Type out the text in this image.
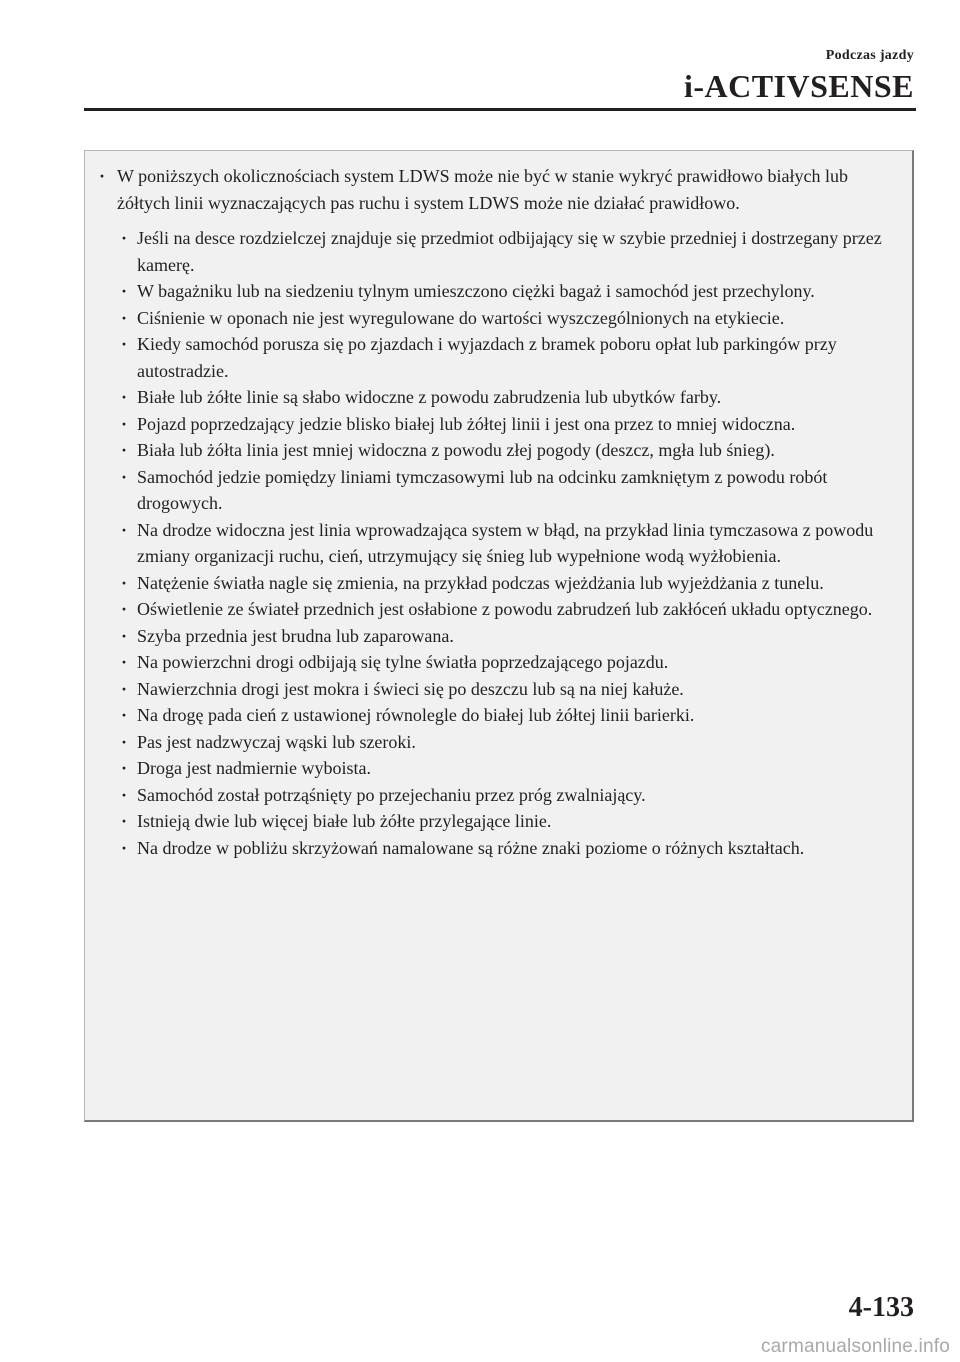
Podczas jazdy
i-ACTIVSENSE

· W poniższych okolicznościach system LDWS może nie być w stanie wykryć prawidłowo białych lub żółtych linii wyznaczających pas ruchu i system LDWS może nie działać prawidłowo.

· Jeśli na desce rozdzielczej znajduje się przedmiot odbijający się w szybie przedniej i dostrzegany przez kamerę.
· W bagażniku lub na siedzeniu tylnym umieszczono ciężki bagaż i samochód jest przechylony.
· Ciśnienie w oponach nie jest wyregulowane do wartości wyszczególnionych na etykiecie.
· Kiedy samochód porusza się po zjazdach i wyjazdach z bramek poboru opłat lub parkingów przy autostradzie.
· Białe lub żółte linie są słabo widoczne z powodu zabrudzenia lub ubytków farby.
· Pojazd poprzedzający jedzie blisko białej lub żółtej linii i jest ona przez to mniej widoczna.
· Biała lub żółta linia jest mniej widoczna z powodu złej pogody (deszcz, mgła lub śnieg).
· Samochód jedzie pomiędzy liniami tymczasowymi lub na odcinku zamkniętym z powodu robót drogowych.
· Na drodze widoczna jest linia wprowadzająca system w błąd, na przykład linia tymczasowa z powodu zmiany organizacji ruchu, cień, utrzymujący się śnieg lub wypełnione wodą wyżłobienia.
· Natężenie światła nagle się zmienia, na przykład podczas wjeżdżania lub wyjeżdżania z tunelu.
· Oświetlenie ze świateł przednich jest osłabione z powodu zabrudzeń lub zakłóceń układu optycznego.
· Szyba przednia jest brudna lub zaparowana.
· Na powierzchni drogi odbijają się tylne światła poprzedzającego pojazdu.
· Nawierzchnia drogi jest mokra i świeci się po deszczu lub są na niej kałuże.
· Na drogę pada cień z ustawionej równolegle do białej lub żółtej linii barierki.
· Pas jest nadzwyczaj wąski lub szeroki.
· Droga jest nadmiernie wyboista.
· Samochód został potrząśnięty po przejechaniu przez próg zwalniający.
· Istnieją dwie lub więcej białe lub żółte przylegające linie.
· Na drodze w pobliżu skrzyżowań namalowane są różne znaki poziome o różnych kształtach.
4-133
carmanualsonline.info
